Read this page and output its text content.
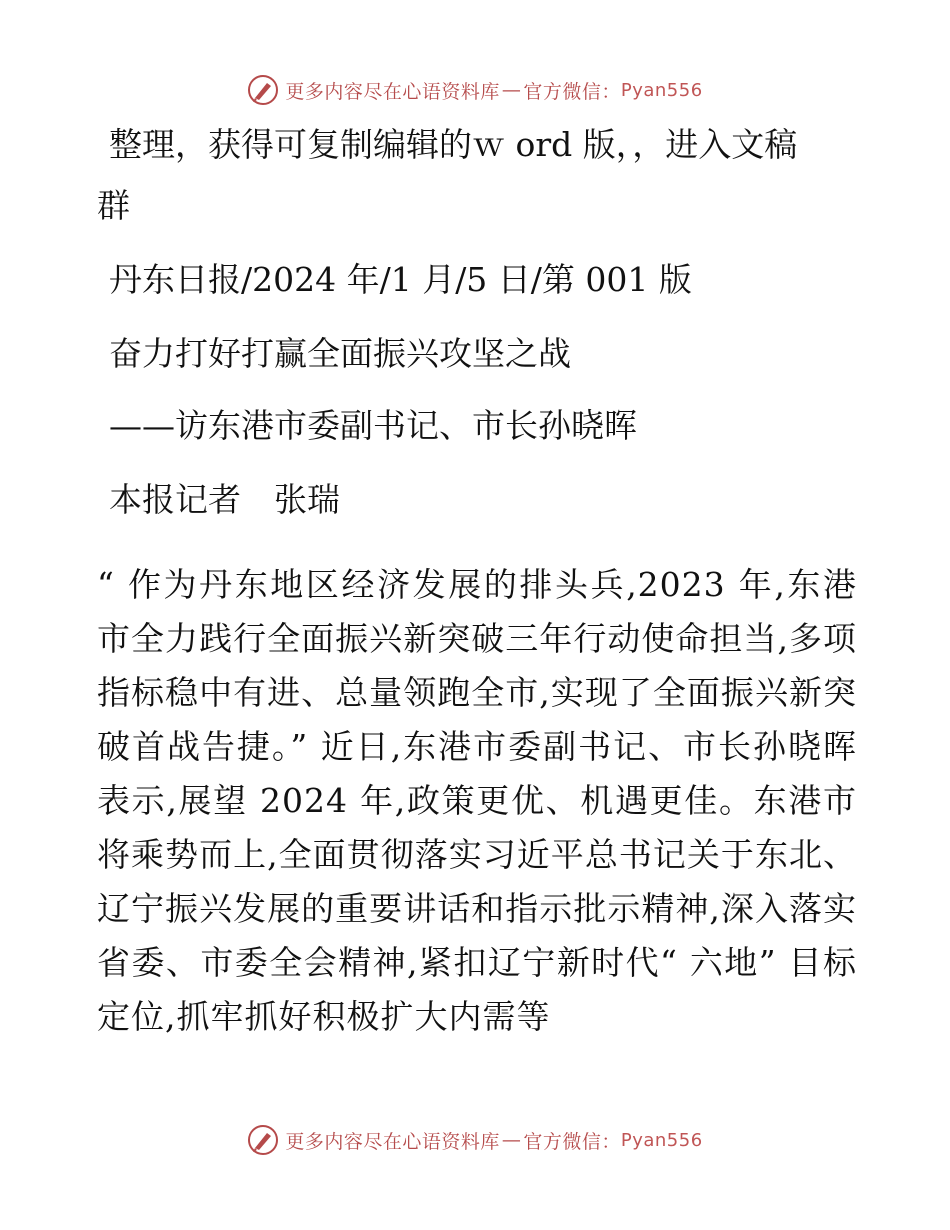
更多内容尽在心语资料库 — 官方微信： Pyan556
整理，获得可复制编辑的ｗ ord 版，，进入文稿
群
丹东日报/2024 年/1 月/5 日/第 001 版
奋力打好打赢全面振兴攻坚之战
——访东港市委副书记、市长孙晓晖
本报记者　张瑞
“ 作为丹东地区经济发展的排头兵,2023 年,东港市全力践行全面振兴新突破三年行动使命担当,多项指标稳中有进、总量领跑全市,实现了全面振兴新突破首战告捷。” 近日,东港市委副书记、市长孙晓晖表示,展望 2024 年,政策更优、机遇更佳。东港市将乘势而上,全面贯彻落实习近平总书记关于东北、辽宁振兴发展的重要讲话和指示批示精神,深入落实省委、市委全会精神,紧扣辽宁新时代“ 六地” 目标定位,抓牢抓好积极扩大内需等
更多内容尽在心语资料库 — 官方微信： Pyan556
